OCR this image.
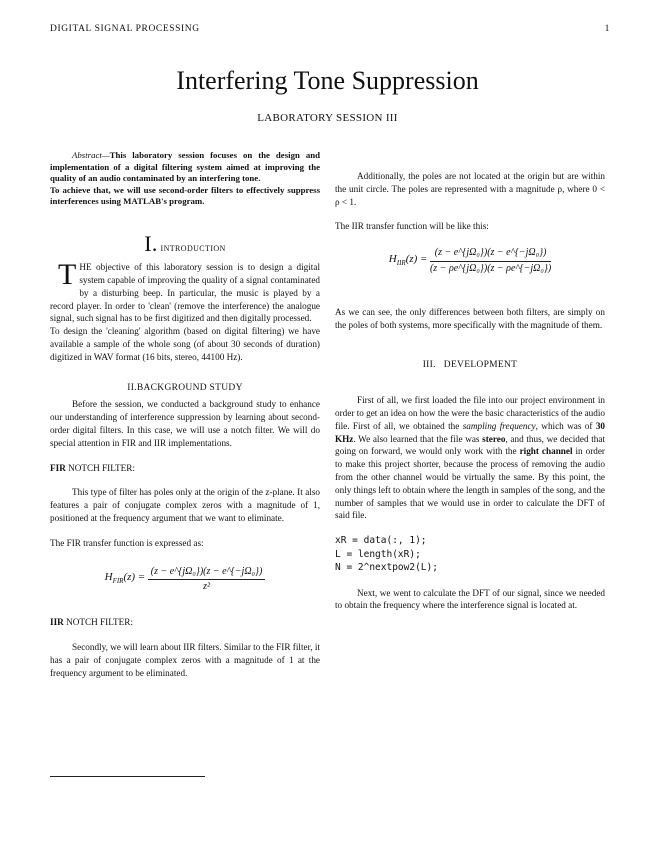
DIGITAL SIGNAL PROCESSING	1
Interfering Tone Suppression
LABORATORY SESSION III

Abstract—This laboratory session focuses on the design and implementation of a digital filtering system aimed at improving the quality of an audio contaminated by an interfering tone.

To achieve that, we will use second-order filters to effectively suppress interferences using MATLAB's program.

I. INTRODUCTION

THE objective of this laboratory session is to design a digital system capable of improving the quality of a signal contaminated by a disturbing beep. In particular, the music is played by a record player. In order to 'clean' (remove the interference) the analogue signal, such signal has to be first digitized and then digitally processed.

To design the 'cleaning' algorithm (based on digital filtering) we have available a sample of the whole song (of about 30 seconds of duration) digitized in WAV format (16 bits, stereo, 44100 Hz).

II.BACKGROUND STUDY

Before the session, we conducted a background study to enhance our understanding of interference suppression by learning about second-order digital filters. In this case, we will use a notch filter. We will do special attention in FIR and IIR implementations.

FIR NOTCH FILTER:

This type of filter has poles only at the origin of the z-plane. It also features a pair of conjugate complex zeros with a magnitude of 1, positioned at the frequency argument that we want to eliminate.

The FIR transfer function is expressed as:

$H_{FIR}(z) = \frac{\text{(z − e\textasciicircum{}\{jΩ₀\})(z − e\textasciicircum{}\{−jΩ₀\})}}{\text{z²}}$

IIR NOTCH FILTER:

Secondly, we will learn about IIR filters. Similar to the FIR filter, it has a pair of conjugate complex zeros with a magnitude of 1 at the frequency argument to be eliminated.

Additionally, the poles are not located at the origin but are within the unit circle. The poles are represented with a magnitude ρ, where 0 < ρ < 1.

The IIR transfer function will be like this:

$H_{IIR}(z) = \frac{\text{(z − e\textasciicircum{}\{jΩ₀\})(z − e\textasciicircum{}\{−jΩ₀\})}}{\text{(z − ρe\textasciicircum{}\{jΩ₀\})(z − ρe\textasciicircum{}\{−jΩ₀\})}}$

As we can see, the only differences between both filters, are simply on the poles of both systems, more specifically with the magnitude of them.

III.   DEVELOPMENT

First of all, we first loaded the file into our project environment in order to get an idea on how the were the basic characteristics of the audio file. First of all, we obtained the sampling frequency, which was of 30 KHz. We also learned that the file was stereo, and thus, we decided that going on forward, we would only work with the right channel in order to make this project shorter, because the process of removing the audio from the other channel would be virtually the same. By this point, the only things left to obtain where the length in samples of the song, and the number of samples that we would use in order to calculate the DFT of said file.

xR = data(:, 1);
L = length(xR);
N = 2^nextpow2(L);

Next, we went to calculate the DFT of our signal, since we needed to obtain the frequency where the interference signal is located at.
